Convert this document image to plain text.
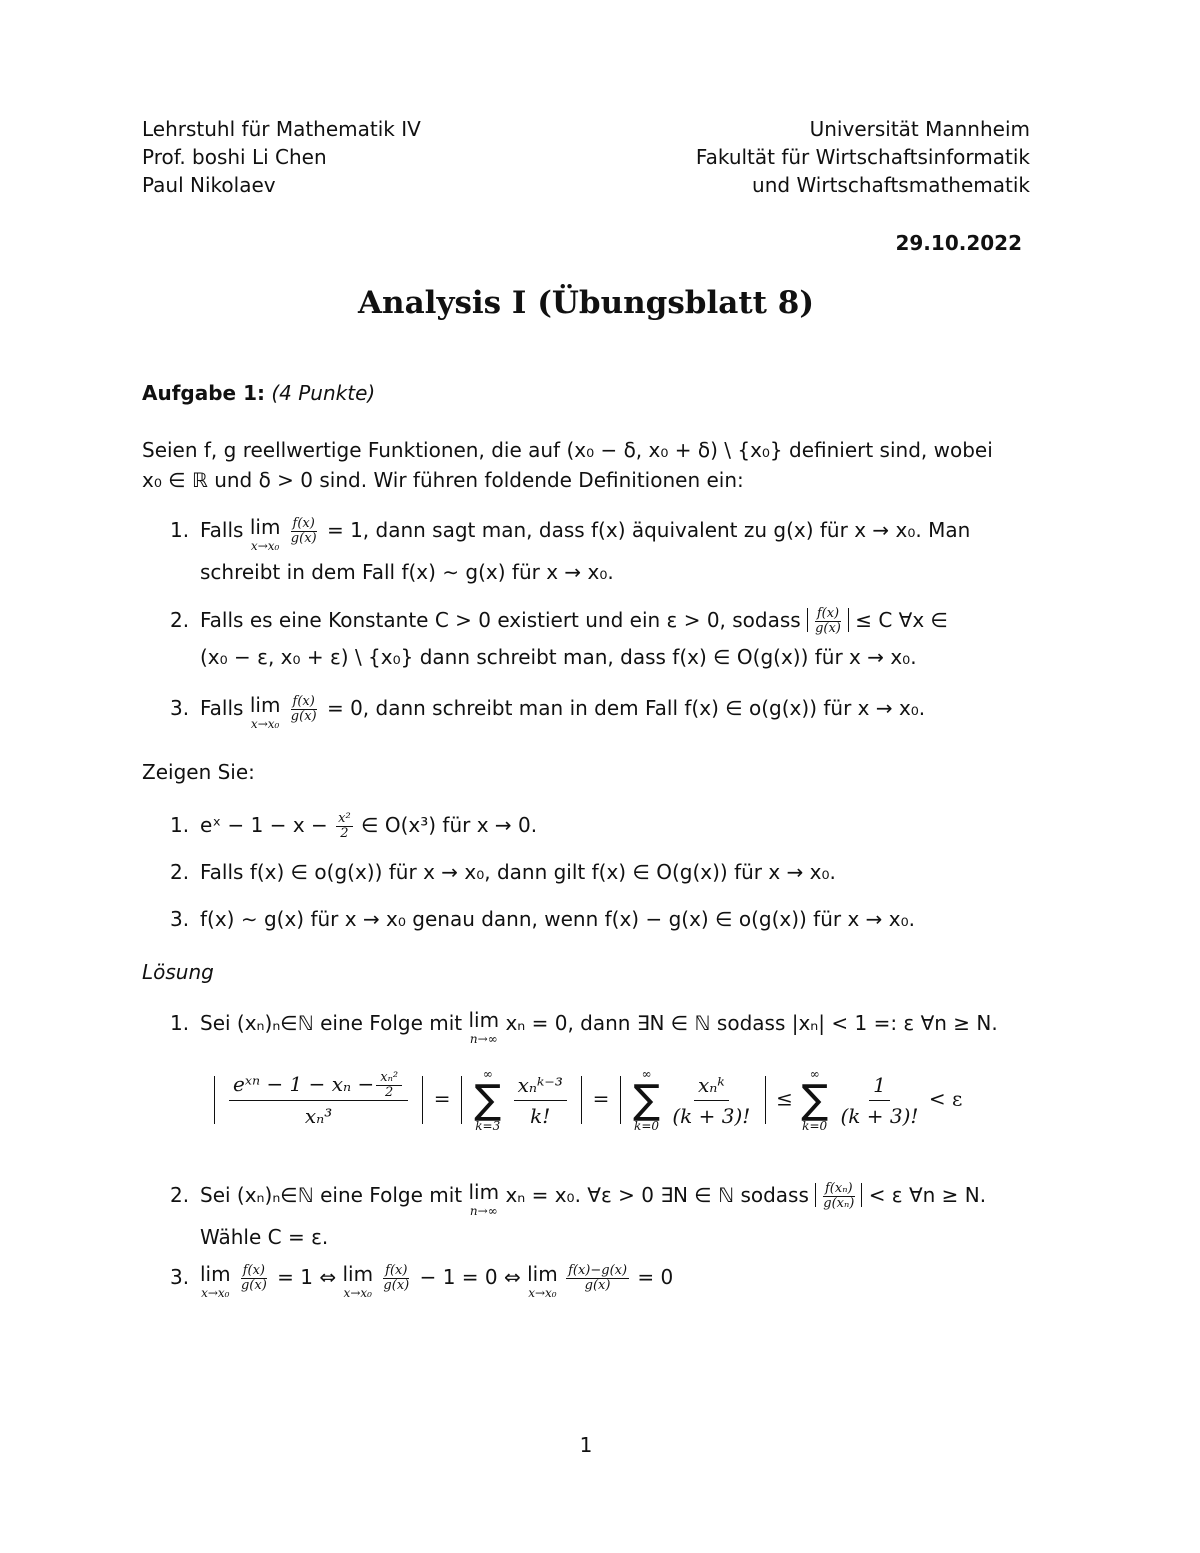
Lehrstuhl für Mathematik IV
Prof. boshi Li Chen
Paul Nikolaev
Universität Mannheim
Fakultät für Wirtschaftsinformatik
und Wirtschaftsmathematik
29.10.2022
Analysis I (Übungsblatt 8)
Aufgabe 1: (4 Punkte)
Seien f, g reellwertige Funktionen, die auf (x₀ − δ, x₀ + δ) \ {x₀} definiert sind, wobei
x₀ ∈ ℝ und δ > 0 sind. Wir führen foldende Definitionen ein:
1. Falls lim
x→x₀
$\frac{f(x)}{g(x)} = 1$, dann sagt man, dass f(x) äquivalent zu g(x) für x → x₀. Man
schreibt in dem Fall f(x) ∼ g(x) für x → x₀.
2. Falls es eine Konstante C > 0 existiert und ein ε > 0, sodass $\frac{f(x)}{g(x)} \le C$ ∀x ∈
(x₀ − ε, x₀ + ε) \ {x₀} dann schreibt man, dass f(x) ∈ O(g(x)) für x → x₀.
3. Falls lim
x→x₀
$\frac{f(x)}{g(x)} = 0$, dann schreibt man in dem Fall f(x) ∈ o(g(x)) für x → x₀.
Zeigen Sie:
1. eˣ − $1 - x - \frac{\text{x²}}{2}$ ∈ O(x³) für x → 0.
2. Falls f(x) ∈ o(g(x)) für x → x₀, dann gilt f(x) ∈ O(g(x)) für x → x₀.
3. f(x) ∼ g(x) für x → x₀ genau dann, wenn f(x) − g(x) ∈ o(g(x)) für x → x₀.
Lösung
1. Sei (xₙ)ₙ∈ℕ eine Folge mit lim
n→∞
xₙ = 0, dann ∃N ∈ ℕ sodass |xₙ| < 1 =: ε ∀n ≥ N.

eˣⁿ − $1 - x_n - \frac{\text{xₙ²}}{2}$
xₙ³
=
∞
∑
k=3

xₙᵏ⁻³
k!
=
∞
∑
k=0

xₙᵏ
(k + 3)!
≤
∞
∑
k=0
$\frac{1}{(k + 3)!} < \varepsilon$
2. Sei (xₙ)ₙ∈ℕ eine Folge mit lim
n→∞
xₙ = x₀. ∀ε > 0 ∃N ∈ ℕ sodass $\frac{\text{f(xₙ)}}{\text{g(xₙ)}} < \varepsilon$ ∀n ≥ N.
Wähle C = ε.
3. lim
x→x₀
$\frac{f(x)}{g(x)} = 1$ ⇔ lim
x→x₀
$\frac{f(x)}{g(x)} - 1 = 0$ ⇔ lim
x→x₀
$\frac{f(x)-g(x)}{g(x)} = 0$
1
